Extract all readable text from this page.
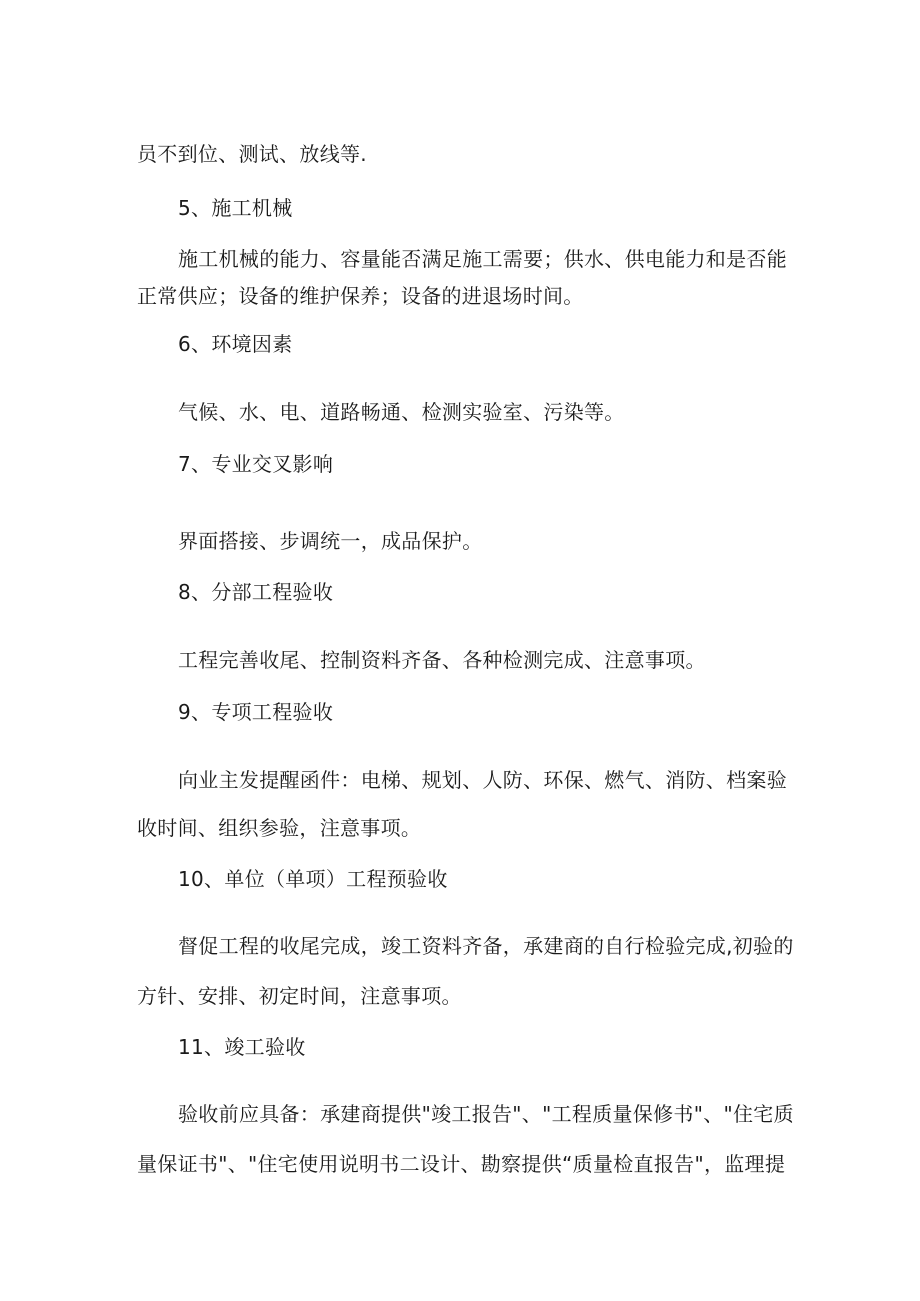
员不到位、测试、放线等.
5、施工机械
施工机械的能力、容量能否满足施工需要；供水、供电能力和是否能
正常供应；设备的维护保养；设备的进退场时间。
6、环境因素
气候、水、电、道路畅通、检测实验室、污染等。
7、专业交叉影响
界面搭接、步调统一，成品保护。
8、分部工程验收
工程完善收尾、控制资料齐备、各种检测完成、注意事项。
9、专项工程验收
向业主发提醒函件：电梯、规划、人防、环保、燃气、消防、档案验
收时间、组织参验，注意事项。
10、单位（单项）工程预验收
督促工程的收尾完成，竣工资料齐备，承建商的自行检验完成,初验的
方针、安排、初定时间，注意事项。
11、竣工验收
验收前应具备：承建商提供"竣工报告"、"工程质量保修书"、"住宅质
量保证书"、"住宅使用说明书二设计、勘察提供“质量检直报告"，监理提
